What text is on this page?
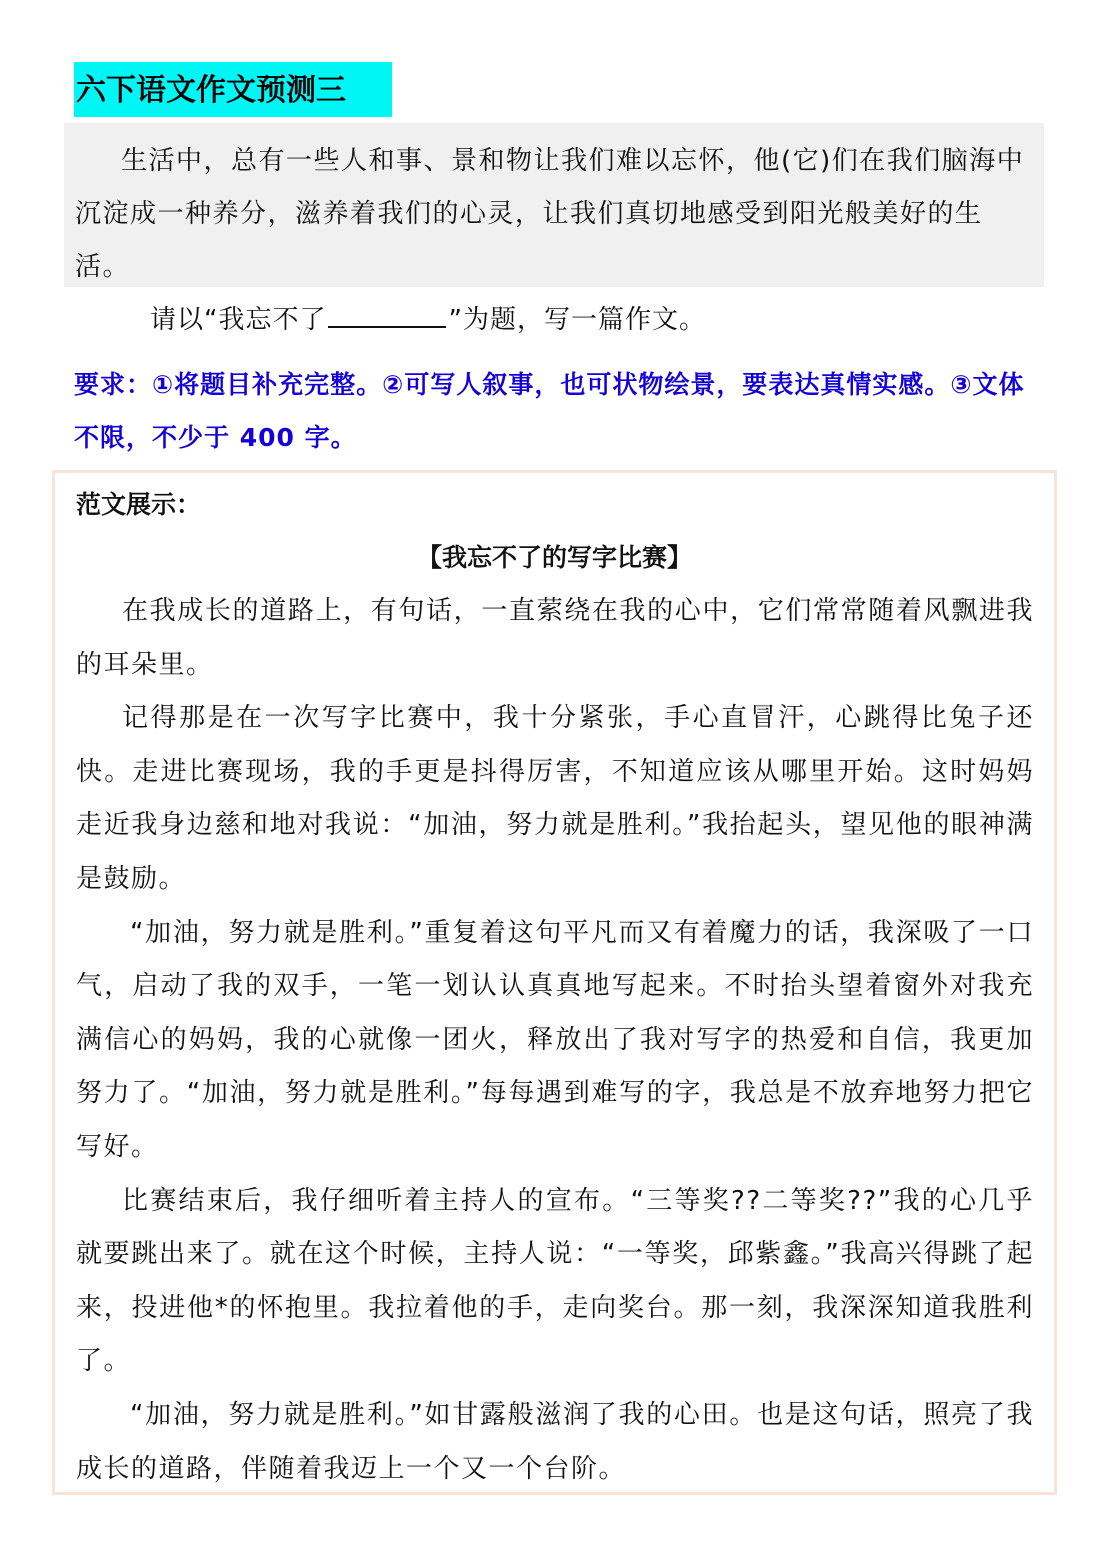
六下语文作文预测三

生活中，总有一些人和事、景和物让我们难以忘怀，他(它)们在我们脑海中沉淀成一种养分，滋养着我们的心灵，让我们真切地感受到阳光般美好的生活。

请以“我忘不了	”为题，写一篇作文。

要求：①将题目补充完整。②可写人叙事，也可状物绘景，要表达真情实感。③文体不限，不少于 400 字。

范文展示：
【我忘不了的写字比赛】

在我成长的道路上，有句话，一直萦绕在我的心中，它们常常随着风飘进我的耳朵里。

记得那是在一次写字比赛中，我十分紧张，手心直冒汗，心跳得比兔子还快。走进比赛现场，我的手更是抖得厉害，不知道应该从哪里开始。这时妈妈走近我身边慈和地对我说：“加油，努力就是胜利。”我抬起头，望见他的眼神满是鼓励。

“加油，努力就是胜利。”重复着这句平凡而又有着魔力的话，我深吸了一口气，启动了我的双手，一笔一划认认真真地写起来。不时抬头望着窗外对我充满信心的妈妈，我的心就像一团火，释放出了我对写字的热爱和自信，我更加努力了。“加油，努力就是胜利。”每每遇到难写的字，我总是不放弃地努力把它写好。

比赛结束后，我仔细听着主持人的宣布。“三等奖??二等奖??”我的心几乎就要跳出来了。就在这个时候，主持人说：“一等奖，邱紫鑫。”我高兴得跳了起来，投进他*的怀抱里。我拉着他的手，走向奖台。那一刻，我深深知道我胜利了。

“加油，努力就是胜利。”如甘露般滋润了我的心田。也是这句话，照亮了我成长的道路，伴随着我迈上一个又一个台阶。
